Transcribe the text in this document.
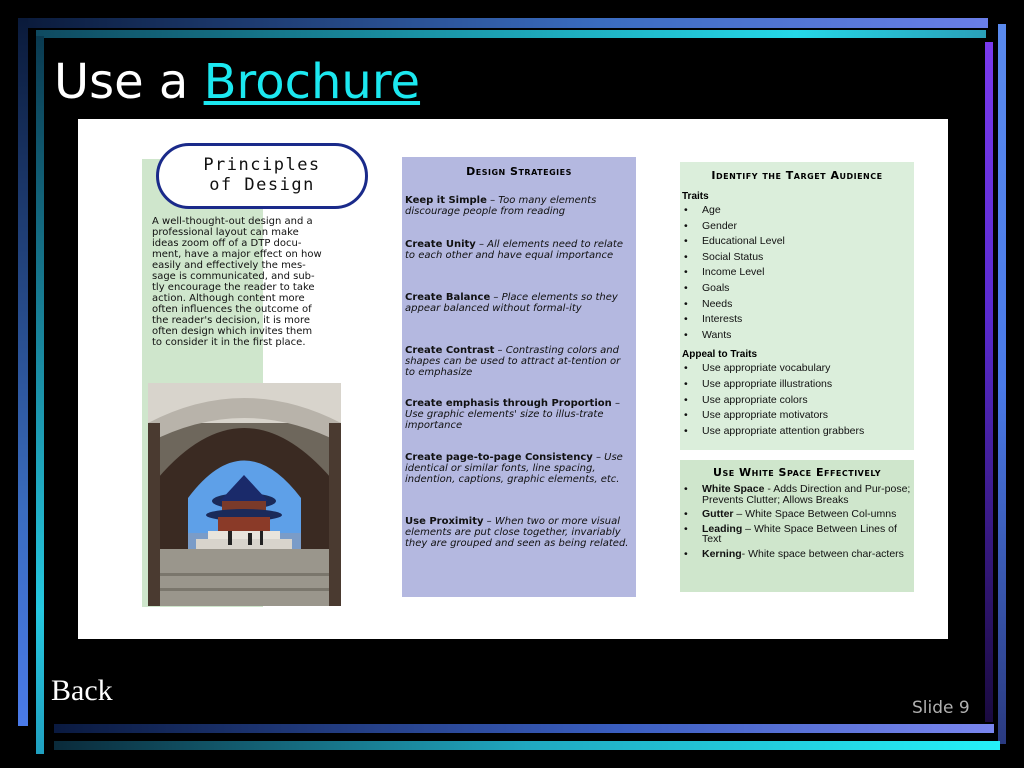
Use a Brochure
Principles
of Design
A well-thought-out design and a
professional layout can make
ideas zoom off of a DTP docu-
ment, have a major effect on how
easily and effectively the mes-
sage is communicated, and sub-
tly encourage the reader to take
action. Although content more
often influences the outcome of
the reader's decision, it is more
often design which invites them
to consider it in the first place.
Design Strategies
Keep it Simple – Too many elements discourage people from reading
Create Unity – All elements need to relate to each other and have equal importance
Create Balance – Place elements so they appear balanced without formal-ity
Create Contrast – Contrasting colors and shapes can be used to attract at-tention or to emphasize
Create emphasis through Proportion – Use graphic elements' size to illus-trate importance
Create page-to-page Consistency – Use identical or similar fonts, line spacing, indention, captions, graphic elements, etc.
Use Proximity – When two or more visual elements are put close together, invariably they are grouped and seen as being related.
Identify the Target Audience
Traits
• Age
• Gender
• Educational Level
• Social Status
• Income Level
• Goals
• Needs
• Interests
• Wants
Appeal to Traits
• Use appropriate vocabulary
• Use appropriate illustrations
• Use appropriate colors
• Use appropriate motivators
• Use appropriate attention grabbers
Use White Space Effectively
• White Space - Adds Direction and Pur-pose; Prevents Clutter; Allows Breaks
• Gutter – White Space Between Col-umns
• Leading – White Space Between Lines of Text
• Kerning- White space between char-acters
Back
Slide 9
